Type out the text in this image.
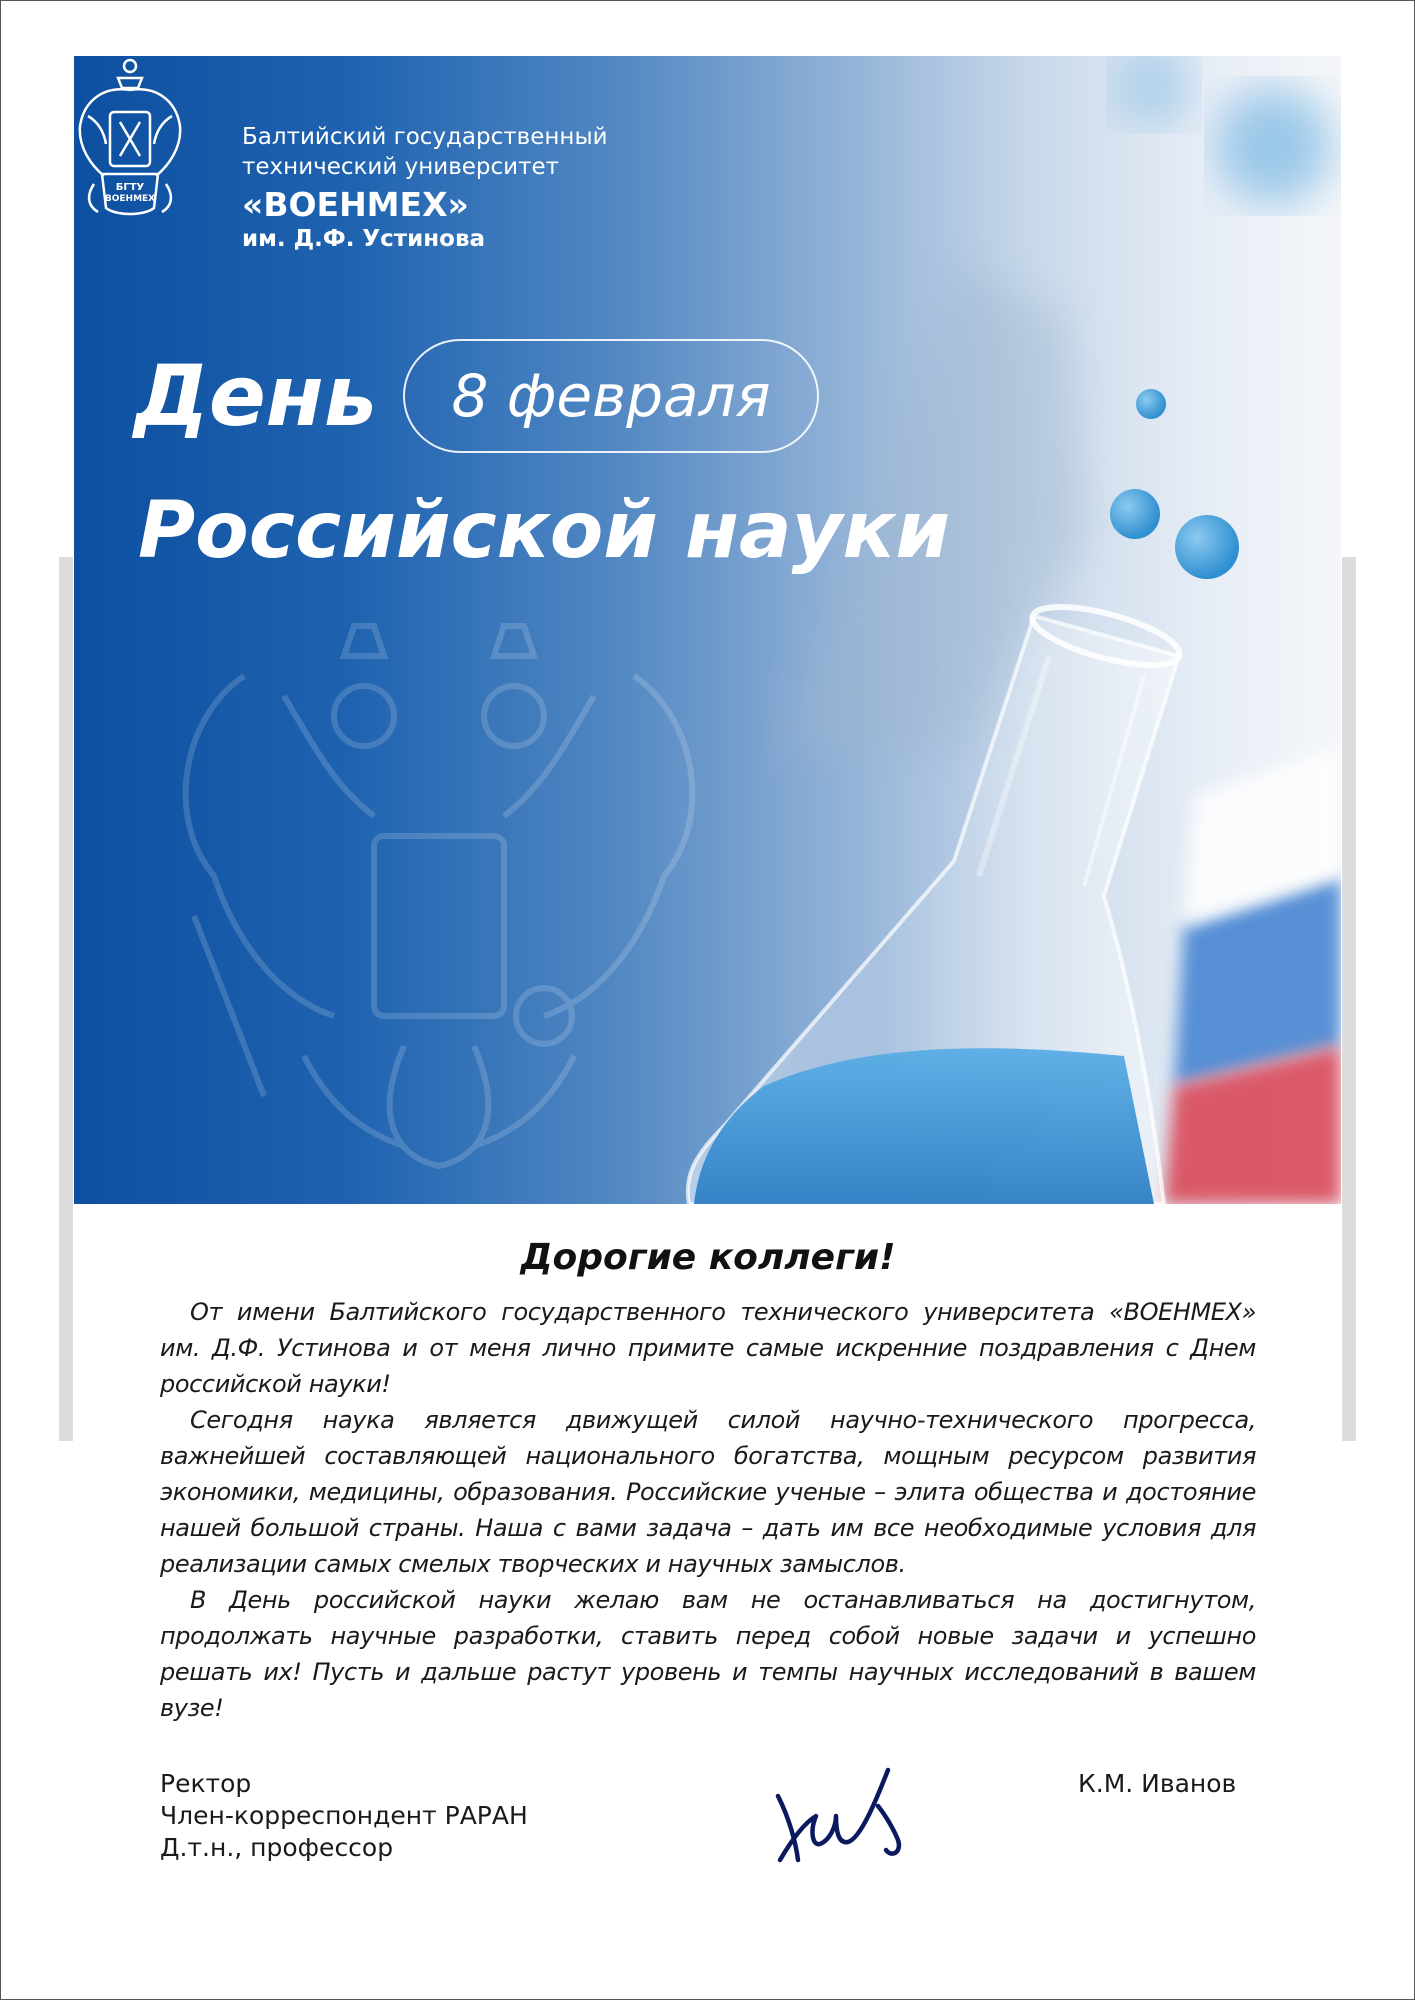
БГТУ
ВОЕНМЕХ
Балтийский государственный
технический университет
«ВОЕНМЕХ»
им. Д.Ф. Устинова
День 8 февраля
Российской науки
Дорогие коллеги!

От имени Балтийского государственного технического университета «ВОЕНМЕХ» им. Д.Ф. Устинова и от меня лично примите самые искренние поздравления с Днем российской науки!

Сегодня наука является движущей силой научно-технического прогресса, важнейшей составляющей национального богатства, мощным ресурсом развития экономики, медицины, образования. Российские ученые – элита общества и достояние нашей большой страны. Наша с вами задача – дать им все необходимые условия для реализации самых смелых творческих и научных замыслов.

В День российской науки желаю вам не останавливаться на достигнутом, продолжать научные разработки, ставить перед собой новые задачи и успешно решать их! Пусть и дальше растут уровень и темпы научных исследований в вашем вузе!

Ректор
Член-корреспондент РАРАН
Д.т.н., профессор
К.М. Иванов
